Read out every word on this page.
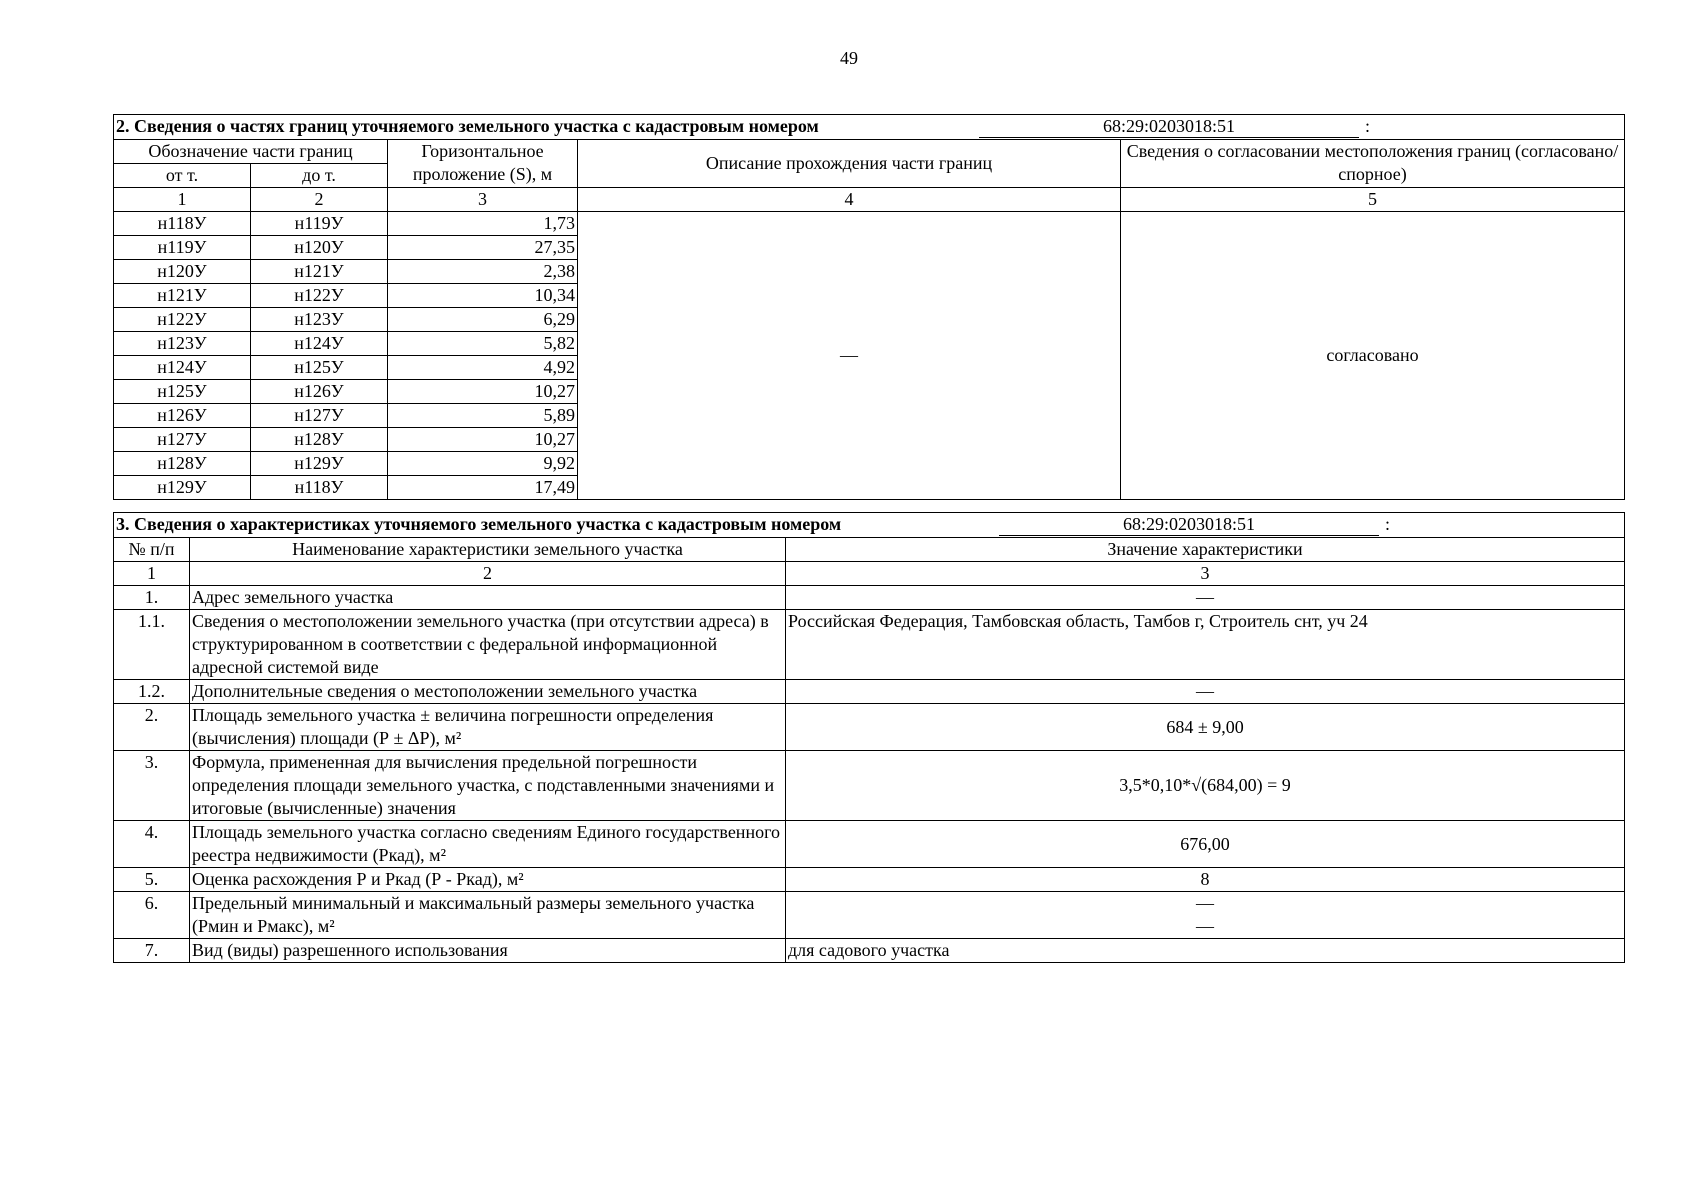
49
2. Сведения о частях границ уточняемого земельного участка с кадастровым номером 68:29:0203018:51 :				

Обозначение части границ		Горизонтальное проложение (S), м	Описание прохождения части границ	Сведения о согласовании местоположения границ (согласовано/спорное)
от т.	до т.			
1	2	3	4	5
н118У	н119У	1,73	—	согласовано
н119У	н120У	27,35		
н120У	н121У	2,38		
н121У	н122У	10,34		
н122У	н123У	6,29		
н123У	н124У	5,82		
н124У	н125У	4,92		
н125У	н126У	10,27		
н126У	н127У	5,89		
н127У	н128У	10,27		
н128У	н129У	9,92		
н129У	н118У	17,49		
3. Сведения о характеристиках уточняемого земельного участка с кадастровым номером 68:29:0203018:51 :		

№ п/п	Наименование характеристики земельного участка	Значение характеристики
1	2	3
1.	Адрес земельного участка	—
1.1.	Сведения о местоположении земельного участка (при отсутствии адреса) в структурированном в соответствии с федеральной информационной адресной системой виде	Российская Федерация, Тамбовская область, Тамбов г, Строитель снт, уч 24
1.2.	Дополнительные сведения о местоположении земельного участка	—
2.	Площадь земельного участка ± величина погрешности определения (вычисления) площади (Р ± ΔР), м²	684 ± 9,00
3.	Формула, примененная для вычисления предельной погрешности определения площади земельного участка, с подставленными значениями и итоговые (вычисленные) значения	3,5*0,10*√(684,00) = 9
4.	Площадь земельного участка согласно сведениям Единого государственного реестра недвижимости (Ркад), м²	676,00
5.	Оценка расхождения Р и Ркад (Р - Ркад), м²	8
6.	Предельный минимальный и максимальный размеры земельного участка (Рмин и Рмакс), м²	—
—

7.	Вид (виды) разрешенного использования	для садового участка
